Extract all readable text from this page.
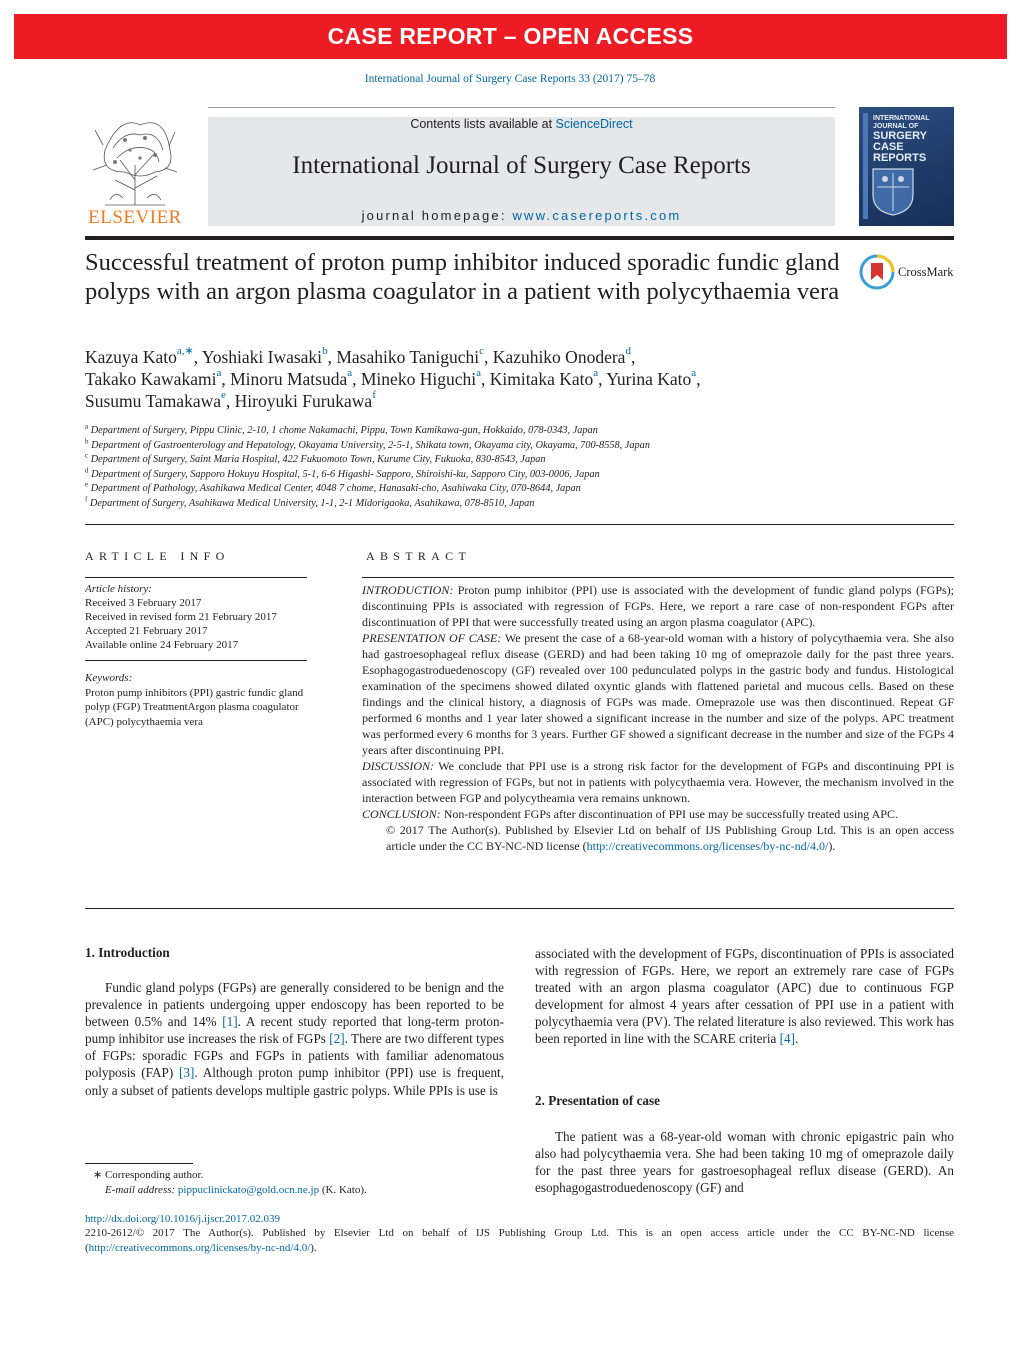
CASE REPORT – OPEN ACCESS
International Journal of Surgery Case Reports 33 (2017) 75–78
ELSEVIER
Contents lists available at ScienceDirect
International Journal of Surgery Case Reports
journal homepage: www.casereports.com
INTERNATIONAL
JOURNAL OF
SURGERY
CASE
REPORTS
Successful treatment of proton pump inhibitor induced sporadic fundic gland polyps with an argon plasma coagulator in a patient with polycythaemia vera
CrossMark
Kazuya Kato$^{a,∗}$, Yoshiaki Iwasaki$^b$, Masahiko Taniguchi$^c$, Kazuhiko Onodera$^d$,
Takako Kawakami$^a$, Minoru Matsuda$^a$, Mineko Higuchi$^a$, Kimitaka Kato$^a$, Yurina Kato$^a$,
Susumu Tamakawa$^e$, Hiroyuki Furukawa$^f$
$^a$ Department of Surgery, Pippu Clinic, 2-10, 1 chome Nakamachi, Pippu, Town Kamikawa-gun, Hokkaido, 078-0343, Japan
$^b$ Department of Gastroenterology and Hepatology, Okayama University, 2-5-1, Shikata town, Okayama city, Okayama, 700-8558, Japan
$^c$ Department of Surgery, Saint Maria Hospital, 422 Fukuomoto Town, Kurume City, Fukuoka, 830-8543, Japan
$^d$ Department of Surgery, Sapporo Hokuyu Hospital, 5-1, 6-6 Higashi- Sapporo, Shiroishi-ku, Sapporo City, 003-0006, Japan
$^e$ Department of Pathology, Asahikawa Medical Center, 4048 7 chome, Hanasaki-cho, Asahiwaka City, 070-8644, Japan
$^f$ Department of Surgery, Asahikawa Medical University, 1-1, 2-1 Midorigaoka, Asahikawa, 078-8510, Japan
ARTICLE INFO
Article history:
Received 3 February 2017
Received in revised form 21 February 2017
Accepted 21 February 2017
Available online 24 February 2017
Keywords:
Proton pump inhibitors (PPI) gastric fundic gland polyp (FGP) TreatmentArgon plasma coagulator (APC) polycythaemia vera
ABSTRACT

INTRODUCTION: Proton pump inhibitor (PPI) use is associated with the development of fundic gland polyps (FGPs); discontinuing PPIs is associated with regression of FGPs. Here, we report a rare case of non-respondent FGPs after discontinuation of PPI that were successfully treated using an argon plasma coagulator (APC).

PRESENTATION OF CASE: We present the case of a 68-year-old woman with a history of polycythaemia vera. She also had gastroesophageal reflux disease (GERD) and had been taking 10 mg of omeprazole daily for the past three years. Esophagogastroduedenoscopy (GF) revealed over 100 pedunculated polyps in the gastric body and fundus. Histological examination of the specimens showed dilated oxyntic glands with flattened parietal and mucous cells. Based on these findings and the clinical history, a diagnosis of FGPs was made. Omeprazole use was then discontinued. Repeat GF performed 6 months and 1 year later showed a significant increase in the number and size of the polyps. APC treatment was performed every 6 months for 3 years. Further GF showed a significant decrease in the number and size of the FGPs 4 years after discontinuing PPI.

DISCUSSION: We conclude that PPI use is a strong risk factor for the development of FGPs and discontinuing PPI is associated with regression of FGPs, but not in patients with polycythaemia vera. However, the mechanism involved in the interaction between FGP and polycytheamia vera remains unknown.

CONCLUSION: Non-respondent FGPs after discontinuation of PPI use may be successfully treated using APC.

© 2017 The Author(s). Published by Elsevier Ltd on behalf of IJS Publishing Group Ltd. This is an open access article under the CC BY-NC-ND license (http://creativecommons.org/licenses/by-nc-nd/4.0/).

1. Introduction

Fundic gland polyps (FGPs) are generally considered to be benign and the prevalence in patients undergoing upper endoscopy has been reported to be between 0.5% and 14% [1]. A recent study reported that long-term proton-pump inhibitor use increases the risk of FGPs [2]. There are two different types of FGPs: sporadic FGPs and FGPs in patients with familiar adenomatous polyposis (FAP) [3]. Although proton pump inhibitor (PPI) use is frequent, only a subset of patients develops multiple gastric polyps. While PPIs is use is

associated with the development of FGPs, discontinuation of PPIs is associated with regression of FGPs. Here, we report an extremely rare case of FGPs treated with an argon plasma coagulator (APC) due to continuous FGP development for almost 4 years after cessation of PPI use in a patient with polycythaemia vera (PV). The related literature is also reviewed. This work has been reported in line with the SCARE criteria [4].

2. Presentation of case

The patient was a 68-year-old woman with chronic epigastric pain who also had polycythaemia vera. She had been taking 10 mg of omeprazole daily for the past three years for gastroesophageal reflux disease (GERD). An esophagogastroduedenoscopy (GF) and

∗ Corresponding author.
E-mail address: pippuclinickato@gold.ocn.ne.jp (K. Kato).
http://dx.doi.org/10.1016/j.ijscr.2017.02.039
2210-2612/© 2017 The Author(s). Published by Elsevier Ltd on behalf of IJS Publishing Group Ltd. This is an open access article under the CC BY-NC-ND license (http://creativecommons.org/licenses/by-nc-nd/4.0/).
